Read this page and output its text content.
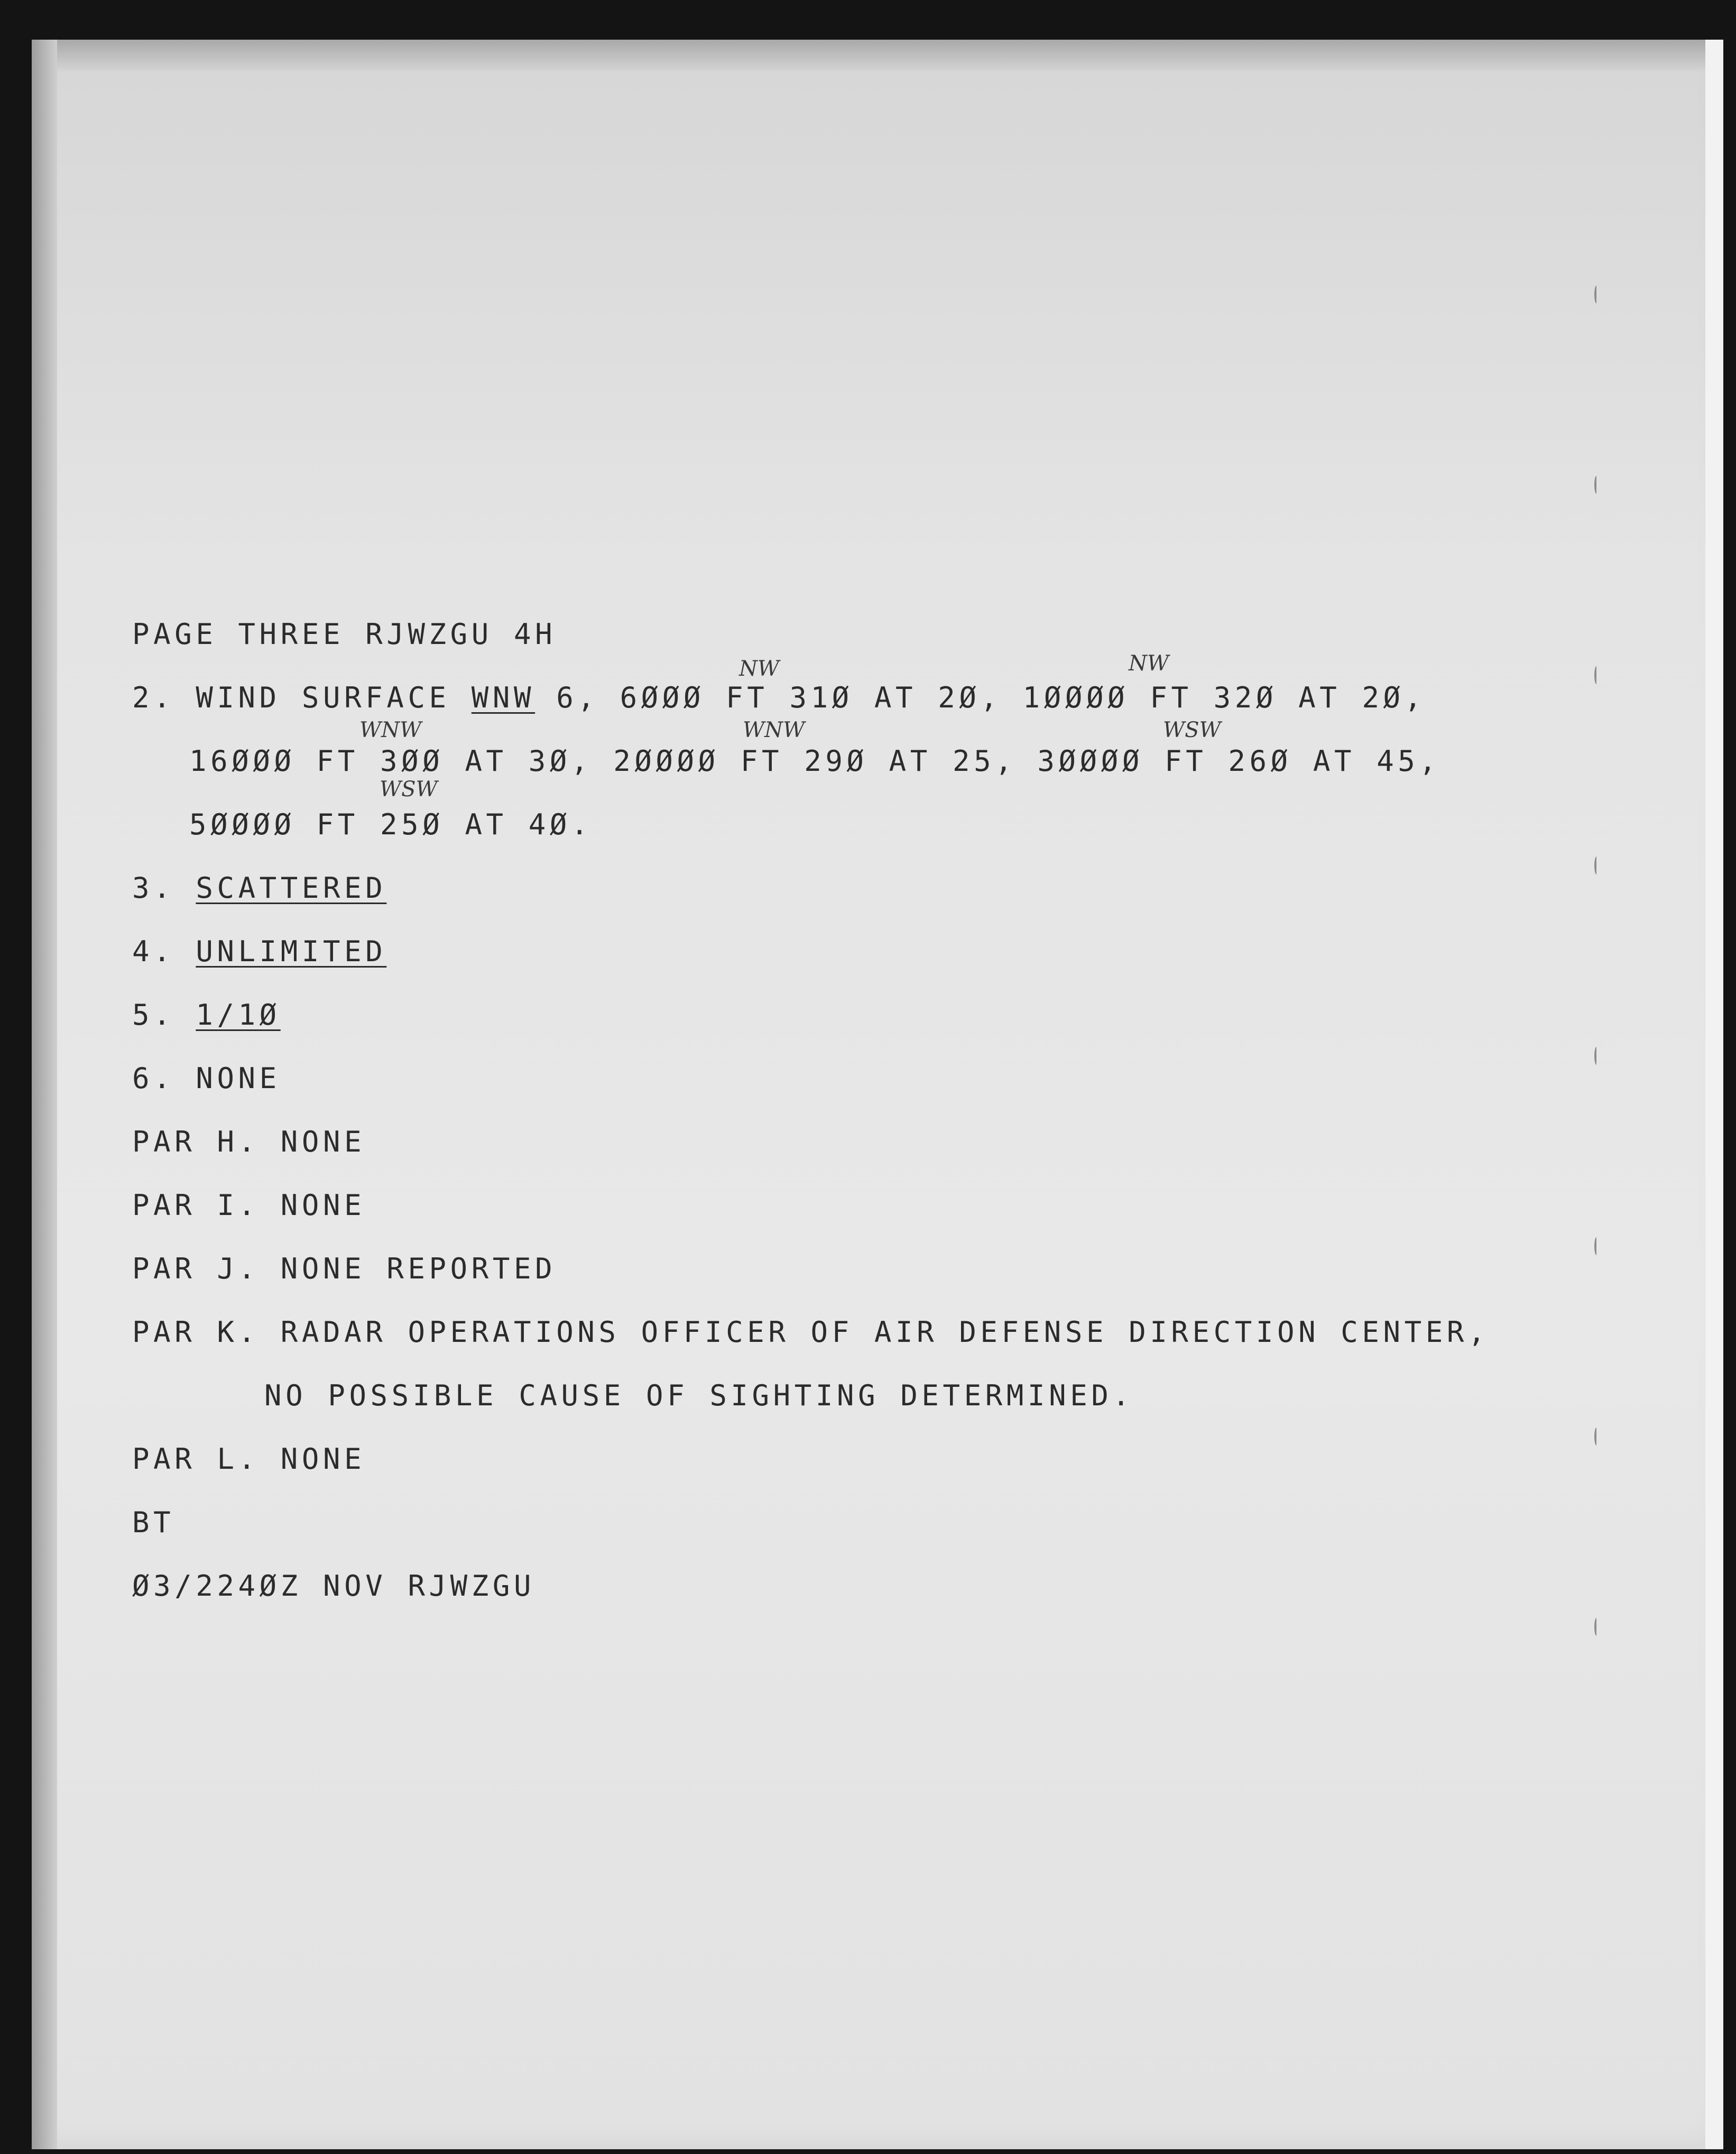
NW	NW

WNW	WNW	WSW

WSW

PAGE THREE RJWZGU 4H

2. WIND SURFACE WNW 6, 6ØØØ FT 31Ø AT 2Ø, 1ØØØØ FT 32Ø AT 2Ø,

16ØØØ FT 3ØØ AT 3Ø, 2ØØØØ FT 29Ø AT 25, 3ØØØØ FT 26Ø AT 45,

5ØØØØ FT 25Ø AT 4Ø.

3. SCATTERED

4. UNLIMITED

5. 1/1Ø

6. NONE

PAR H. NONE

PAR I. NONE

PAR J. NONE REPORTED

PAR K. RADAR OPERATIONS OFFICER OF AIR DEFENSE DIRECTION CENTER,

NO POSSIBLE CAUSE OF SIGHTING DETERMINED.

PAR L. NONE

BT

Ø3/224ØZ NOV RJWZGU
